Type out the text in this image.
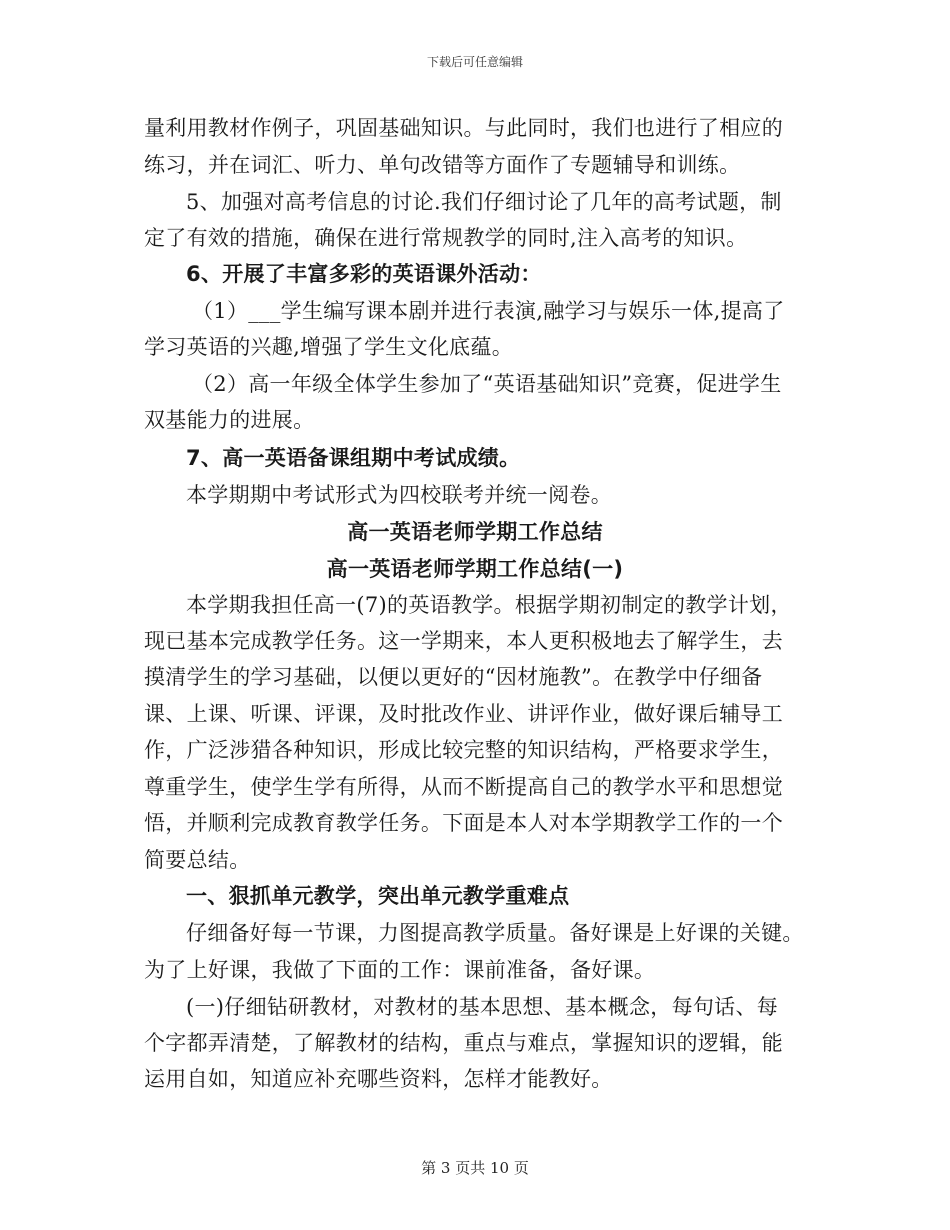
下载后可任意编辑
量利用教材作例子，巩固基础知识。与此同时，我们也进行了相应的
练习，并在词汇、听力、单句改错等方面作了专题辅导和训练。
5、加强对高考信息的讨论.我们仔细讨论了几年的高考试题，制
定了有效的措施，确保在进行常规教学的同时,注入高考的知识。
6、开展了丰富多彩的英语课外活动：
（1）___学生编写课本剧并进行表演,融学习与娱乐一体,提高了
学习英语的兴趣,增强了学生文化底蕴。
（2）高一年级全体学生参加了“英语基础知识”竞赛，促进学生
双基能力的进展。
7、高一英语备课组期中考试成绩。
本学期期中考试形式为四校联考并统一阅卷。
高一英语老师学期工作总结
高一英语老师学期工作总结(一)
本学期我担任高一(7)的英语教学。根据学期初制定的教学计划，
现已基本完成教学任务。这一学期来，本人更积极地去了解学生，去
摸清学生的学习基础，以便以更好的“因材施教”。在教学中仔细备
课、上课、听课、评课，及时批改作业、讲评作业，做好课后辅导工
作，广泛涉猎各种知识，形成比较完整的知识结构，严格要求学生，
尊重学生，使学生学有所得，从而不断提高自己的教学水平和思想觉
悟，并顺利完成教育教学任务。下面是本人对本学期教学工作的一个
简要总结。
一、狠抓单元教学，突出单元教学重难点
仔细备好每一节课，力图提高教学质量。备好课是上好课的关键。
为了上好课，我做了下面的工作：课前准备，备好课。
(一)仔细钻研教材，对教材的基本思想、基本概念，每句话、每
个字都弄清楚，了解教材的结构，重点与难点，掌握知识的逻辑，能
运用自如，知道应补充哪些资料，怎样才能教好。
第 3 页共 10 页
